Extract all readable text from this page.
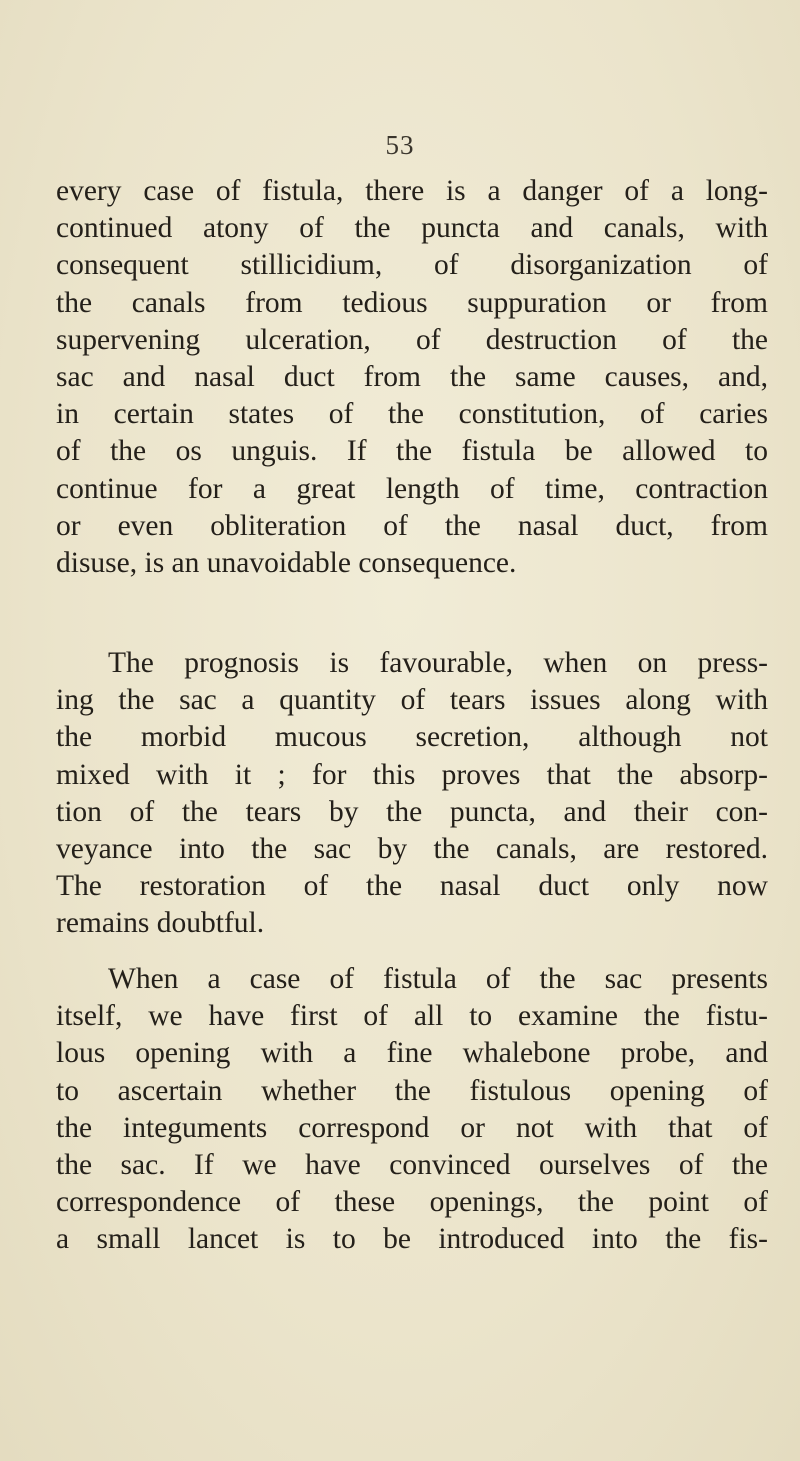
53
every case of fistula, there is a danger of a long-
continued atony of the puncta and canals, with
consequent stillicidium, of disorganization of
the canals from tedious suppuration or from
supervening ulceration, of destruction of the
sac and nasal duct from the same causes, and,
in certain states of the constitution, of caries
of the os unguis. If the fistula be allowed to
continue for a great length of time, contraction
or even obliteration of the nasal duct, from
disuse, is an unavoidable consequence.
The prognosis is favourable, when on press-
ing the sac a quantity of tears issues along with
the morbid mucous secretion, although not
mixed with it ; for this proves that the absorp-
tion of the tears by the puncta, and their con-
veyance into the sac by the canals, are restored.
The restoration of the nasal duct only now
remains doubtful.
When a case of fistula of the sac presents
itself, we have first of all to examine the fistu-
lous opening with a fine whalebone probe, and
to ascertain whether the fistulous opening of
the integuments correspond or not with that of
the sac. If we have convinced ourselves of the
correspondence of these openings, the point of
a small lancet is to be introduced into the fis-
